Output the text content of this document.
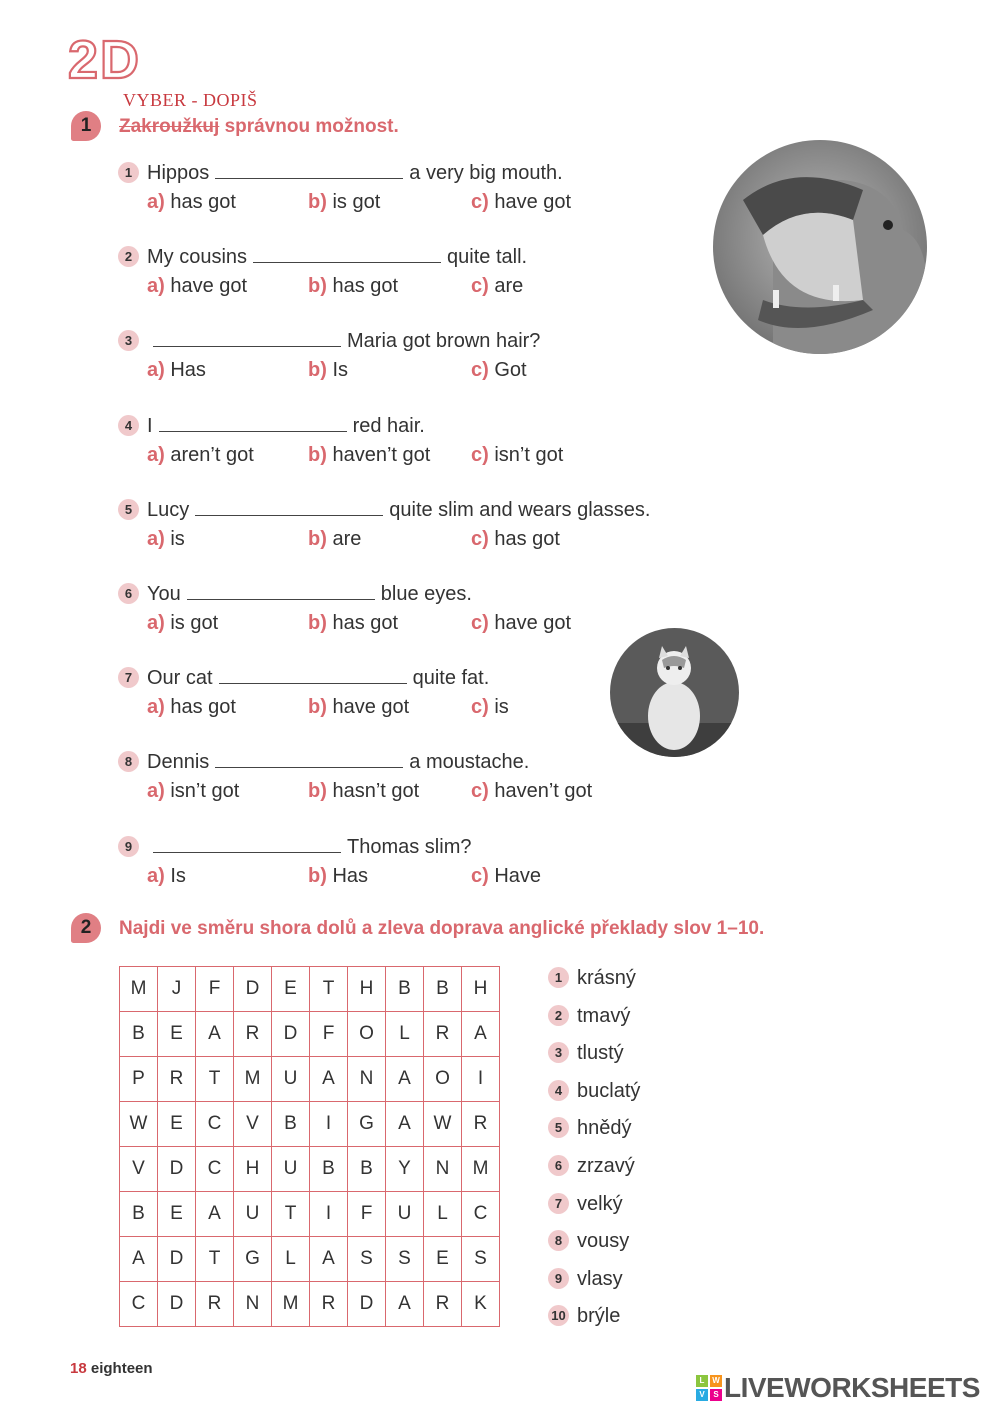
2D
VYBER - DOPIŠ
1	Zakroužkuj správnou možnost.
1 Hippos	a very big mouth.
a) has got	b) is got	c) have got
2 My cousins	quite tall.
a) have got	b) has got	c) are
3	Maria got brown hair?
a) Has	b) Is	c) Got
4 I	red hair.
a) aren’t got	b) haven’t got c) isn’t got
5 Lucy	quite slim and wears glasses.
a) is	b) are	c) has got
6 You	blue eyes.
a) is got	b) has got	c) have got
7 Our cat	quite fat.
a) has got	b) have got	c) is
8 Dennis	a moustache.
a) isn’t got	b) hasn’t got	c) haven’t got
9	Thomas slim?
a) Is	b) Has	c) Have
2	Najdi ve směru shora dolů a zleva doprava anglické překlady slov 1–10.
M	J	F	D	E	T	H	B	B	H
B	E	A	R	D	F	O	L	R	A
P	R	T	M	U	A	N	A	O	I
W	E	C	V	B	I	G	A	W	R
V	D	C	H	U	B	B	Y	N	M
B	E	A	U	T	I	F	U	L	C
A	D	T	G	L	A	S	S	E	S
C	D	R	N	M	R	D	A	R	K
1 krásný
2 tmavý
3 tlustý
4 buclatý
5 hnědý
6 zrzavý
7 velký
8 vousy
9 vlasy
10 brýle
18 eighteen
L W
V	S LIVEWORKSHEETS
